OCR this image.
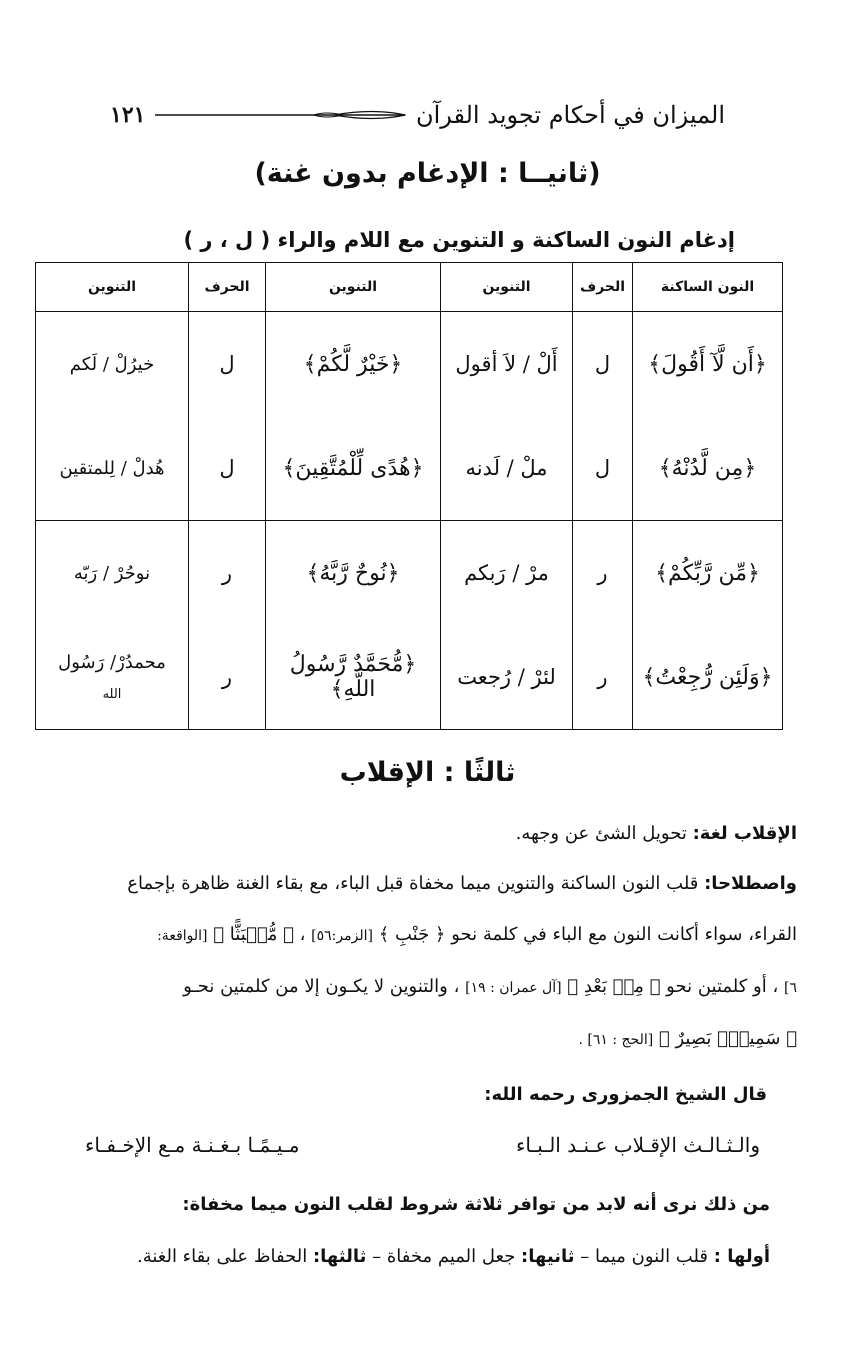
الميزان في أحكام تجويد القرآن
١٢١
(ثانيــا : الإدغام بدون غنة)
إدغام النون الساكنة و التنوين مع اللام والراء ( ل ، ر )
النون الساكنة	الحرف	التنوين	التنوين	الحرف	التنوين
﴿أَن لَّآ أَقُولَ﴾	ل	أَلْ / لاَ أقول	﴿خَيْرٌ لَّكُمْ﴾	ل	خيرُلْ / لَكم
﴿مِن لَّدُنْهُ﴾	ل	ملْ / لَدنه	﴿هُدًى لِّلْمُتَّقِينَ﴾	ل	هُدلْ / لِلمتقين
﴿مِّن رَّبِّكُمْ﴾	ر	مرْ / رَبكم	﴿نُوحٌ رَّبَّهُ﴾	ر	نوحُرْ / رَبّه
﴿وَلَئِن رُّجِعْتُ﴾	ر	لئرْ / رُجعت	﴿مُّحَمَّدٌ رَّسُولُ اللَّهِ﴾	ر	محمدُرْ/ رَسُول
الله
ثالثًا : الإقلاب
الإقلاب لغة: تحويل الشئ عن وجهه.
واصطلاحا: قلب النون الساكنة والتنوين ميما مخفاة قبل الباء، مع بقاء الغنة ظاهرة بإجماع
القراء، سواء أكانت النون مع الباء في كلمة نحو ﴿ جَنْبِ ﴾ [الزمر:٥٦] ، ﴿ مُّنۢبَثًّا ﴾ [الواقعة:
٦] ، أو كلمتين نحو ﴿ مِنۢ بَعْدِ ﴾ [آل عمران : ١٩] ، والتنوين لا يكـون إلا من كلمتين نحـو
﴿ سَمِيعٌۢ بَصِيرٌ ﴾ [الحج : ٦١] .
قال الشيخ الجمزورى رحمه الله:
والـثـالـث الإقـلاب عـنـد الـبـاء
مـيـمًـا بـغـنـة مـع الإخـفـاء
من ذلك نرى أنه لابد من توافر ثلاثة شروط لقلب النون ميما مخفاة:
أولها : قلب النون ميما – ثانيها: جعل الميم مخفاة – ثالثها: الحفاظ على بقاء الغنة.
